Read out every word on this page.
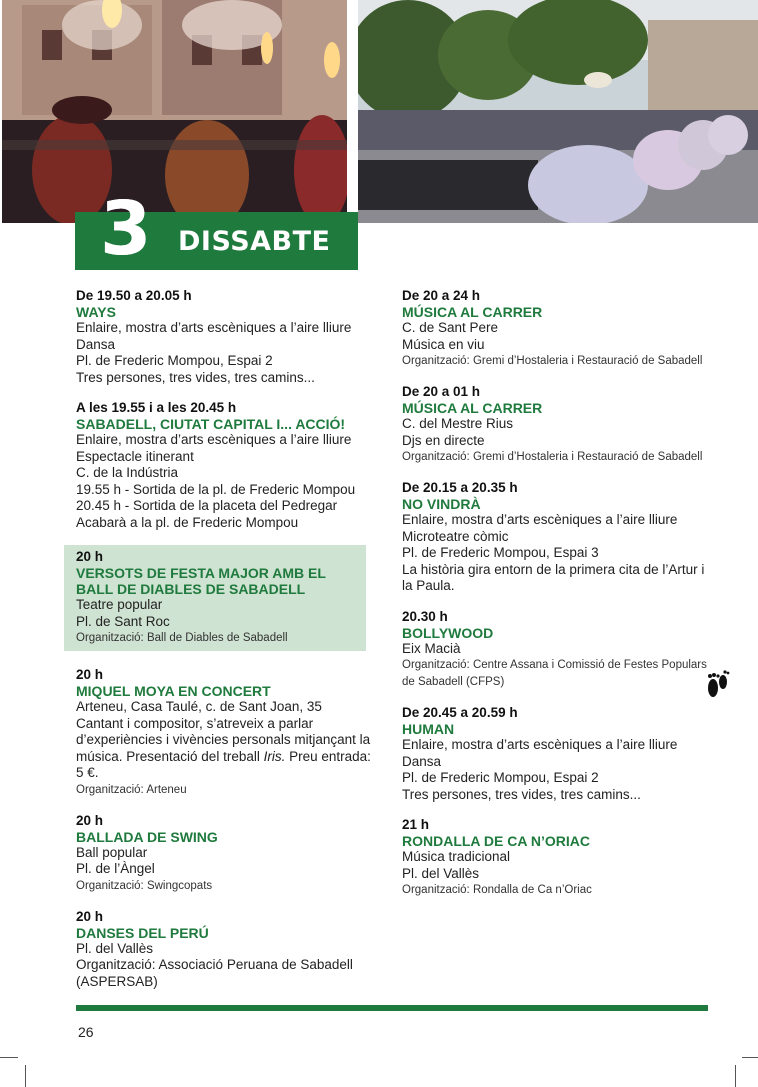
3 DISSABTE
De 19.50 a 20.05 h
WAYS
Enlaire, mostra d’arts escèniques a l’aire lliure
Dansa
Pl. de Frederic Mompou, Espai 2
Tres persones, tres vides, tres camins...
A les 19.55 i a les 20.45 h
SABADELL, CIUTAT CAPITAL I... ACCIÓ!
Enlaire, mostra d’arts escèniques a l’aire lliure
Espectacle itinerant
C. de la Indústria
19.55 h - Sortida de la pl. de Frederic Mompou
20.45 h - Sortida de la placeta del Pedregar
Acabarà a la pl. de Frederic Mompou
20 h
VERSOTS DE FESTA MAJOR AMB EL BALL DE DIABLES DE SABADELL
Teatre popular
Pl. de Sant Roc
Organització: Ball de Diables de Sabadell
20 h
MIQUEL MOYA EN CONCERT
Arteneu, Casa Taulé, c. de Sant Joan, 35
Cantant i compositor, s’atreveix a parlar d’experiències i vivències personals mitjançant la música. Presentació del treball Iris. Preu entrada: 5 €.
Organització: Arteneu
20 h
BALLADA DE SWING
Ball popular
Pl. de l’Àngel
Organització: Swingcopats
20 h
DANSES DEL PERÚ
Pl. del Vallès
Organització: Associació Peruana de Sabadell (ASPERSAB)
De 20 a 24 h
MÚSICA AL CARRER
C. de Sant Pere
Música en viu
Organització: Gremi d’Hostaleria i Restauració de Sabadell
De 20 a 01 h
MÚSICA AL CARRER
C. del Mestre Rius
Djs en directe
Organització: Gremi d’Hostaleria i Restauració de Sabadell
De 20.15 a 20.35 h
NO VINDRÀ
Enlaire, mostra d’arts escèniques a l’aire lliure
Microteatre còmic
Pl. de Frederic Mompou, Espai 3
La història gira entorn de la primera cita de l’Artur i la Paula.
20.30 h
BOLLYWOOD
Eix Macià
Organització: Centre Assana i Comissió de Festes Populars de Sabadell (CFPS)
De 20.45 a 20.59 h
HUMAN
Enlaire, mostra d’arts escèniques a l’aire lliure
Dansa
Pl. de Frederic Mompou, Espai 2
Tres persones, tres vides, tres camins...
21 h
RONDALLA DE CA N’ORIAC
Música tradicional
Pl. del Vallès
Organització: Rondalla de Ca n’Oriac
26
